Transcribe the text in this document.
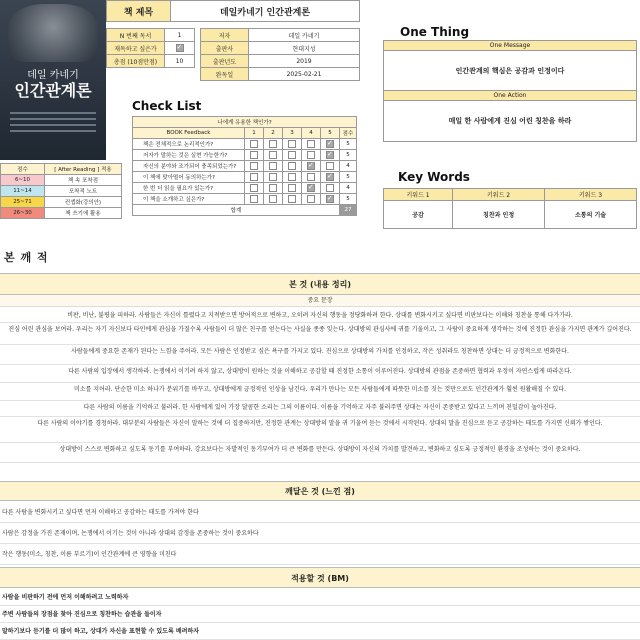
데일 카네기
인간관계론
책 제목	데일카네기 인간관계론
N 번째 독서	1		저자	데일 카네기
재독하고 싶은가	✓		출판사	현대지성
총점 (10점만점)	10		출판년도	2019
			완독일	2025-02-21
One Thing
One Message
인간관계의 핵심은 공감과 인정이다
One Action
매일 한 사람에게 진심 어린 칭찬을 하라
Check List
나에게 유용한 책인가?						
BOOK Feedback	1	2	3	4	5	점수
책은 전체적으로 논리적인가?					✓	5
저자가 말하는 것은 실현 가능한가?					✓	5
자신의 분야와 조가되어 충족되었는가?				✓		4
이 책에 맞아떨어 동의하는가?					✓	5
한 번 더 읽을 필요가 있는가?				✓		4
이 책을 소개하고 싶은가?					✓	5
합계						27
점수	[ After Reading ] 적용
6~10	책 속 포착점
11~14	포착적 노트
25~71	컨셉화(강의안)
26~30	책 쓰기에 활용
Key Words
키워드 1	키워드 2	키워드 3
공감	칭찬과 인정	소통의 기술
본 깨 적
본 것 (내용 정리)
중요 문장
비판, 비난, 불평을 피하라. 사람들은 자신이 틀렸다고 지적받으면 방어적으로 변하고, 오히려 자신의 행동을 정당화하려 한다. 상대를 변화시키고 싶다면 비판보다는 이해와 칭찬을 통해 다가가라.
진심 어린 관심을 보여라. 우리는 자기 자신보다 타인에게 관심을 가질수록 사람들이 더 많은 친구를 얻는다는 사실을 종종 잊는다. 상대방의 관심사에 귀를 기울이고, 그 사람이 중요하게 생각하는 것에 진정한 관심을 가지면 관계가 깊어진다.
사람들에게 중요한 존재가 된다는 느낌을 주어라. 모든 사람은 인정받고 싶은 욕구를 가지고 있다. 진심으로 상대방의 가치를 인정하고, 작은 성취라도 칭찬하면 상대는 더 긍정적으로 변화한다.
다른 사람의 입장에서 생각하라. 논쟁에서 이기려 하지 않고, 상대방이 원하는 것을 이해하고 공감할 때 진정한 소통이 이루어진다. 상대방의 관점을 존중하면 협력과 우정이 자연스럽게 따라온다.
미소를 지어라. 단순한 미소 하나가 분위기를 바꾸고, 상대방에게 긍정적인 인상을 남긴다. 우리가 만나는 모든 사람들에게 따뜻한 미소를 짓는 것만으로도 인간관계가 훨씬 원활해질 수 있다.
다른 사람의 이름을 기억하고 불러라. 한 사람에게 있어 가장 달콤한 소리는 그의 이름이다. 이름을 기억하고 자주 불러주면 상대는 자신이 존중받고 있다고 느끼며 친밀감이 높아진다.
다른 사람의 이야기를 경청하라. 대부분의 사람들은 자신이 말하는 것에 더 집중하지만, 진정한 관계는 상대방의 말을 귀 기울여 듣는 것에서 시작된다. 상대의 말을 진심으로 듣고 공감하는 태도를 가지면 신뢰가 쌓인다.
상대방이 스스로 변화하고 싶도록 동기를 부여하라. 강요보다는 자발적인 동기부여가 더 큰 변화를 만든다. 상대방이 자신의 가치를 발견하고, 변화하고 싶도록 긍정적인 환경을 조성하는 것이 중요하다.
깨달은 것 (느낀 점)
다른 사람을 변화시키고 싶다면 먼저 이해하고 공감하는 태도를 가져야 한다
사람은 감정을 가진 존재이며, 논쟁에서 이기는 것이 아니라 상대의 감정을 존중하는 것이 중요하다
작은 행동(미소, 칭찬, 이름 부르기)이 인간관계에 큰 영향을 미친다
적용할 것 (BM)
사람을 비판하기 전에 먼저 이해하려고 노력하자
주변 사람들의 장점을 찾아 진심으로 칭찬하는 습관을 들이자
말하기보다 듣기를 더 많이 하고, 상대가 자신을 표현할 수 있도록 배려하자
